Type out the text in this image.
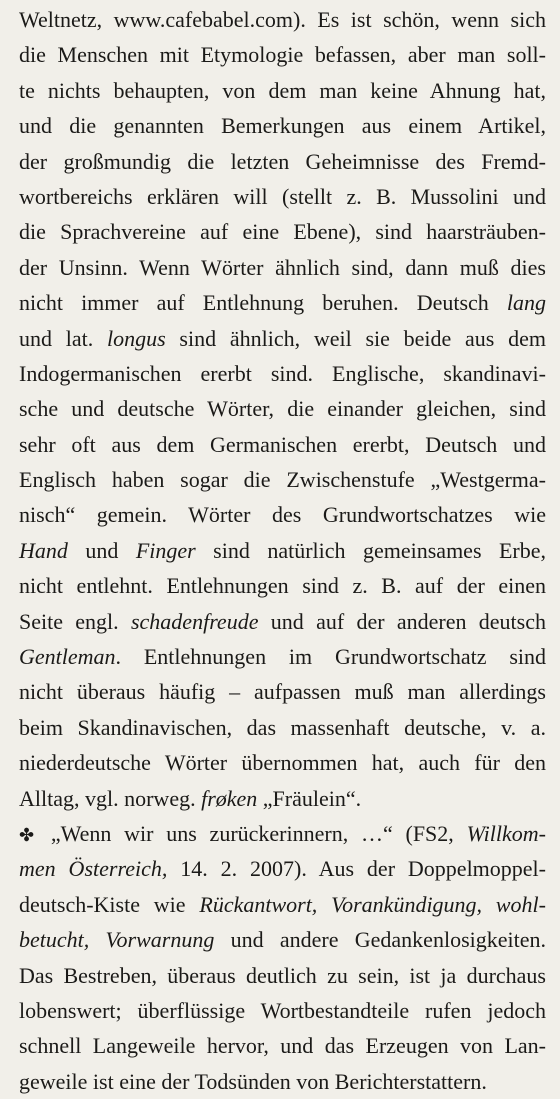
Weltnetz, www.cafebabel.com). Es ist schön, wenn sich
die Menschen mit Etymologie befassen, aber man soll-
te nichts behaupten, von dem man keine Ahnung hat,
und die genannten Bemerkungen aus einem Artikel,
der großmundig die letzten Geheimnisse des Fremd-
wortbereichs erklären will (stellt z. B. Mussolini und
die Sprachvereine auf eine Ebene), sind haarsträuben-
der Unsinn. Wenn Wörter ähnlich sind, dann muß dies
nicht immer auf Entlehnung beruhen. Deutsch lang
und lat. longus sind ähnlich, weil sie beide aus dem
Indogermanischen ererbt sind. Englische, skandinavi-
sche und deutsche Wörter, die einander gleichen, sind
sehr oft aus dem Germanischen ererbt, Deutsch und
Englisch haben sogar die Zwischenstufe „Westgerma-
nisch“ gemein. Wörter des Grundwortschatzes wie
Hand und Finger sind natürlich gemeinsames Erbe,
nicht entlehnt. Entlehnungen sind z. B. auf der einen
Seite engl. schadenfreude und auf der anderen deutsch
Gentleman. Entlehnungen im Grundwortschatz sind
nicht überaus häufig – aufpassen muß man allerdings
beim Skandinavischen, das massenhaft deutsche, v. a.
niederdeutsche Wörter übernommen hat, auch für den
Alltag, vgl. norweg. frøken „Fräulein“.
✤ „Wenn wir uns zurückerinnern, …“ (FS2, Willkom-
men Österreich, 14. 2. 2007). Aus der Doppelmoppel-
deutsch-Kiste wie Rückantwort, Vorankündigung, wohl-
betucht, Vorwarnung und andere Gedankenlosigkeiten.
Das Bestreben, überaus deutlich zu sein, ist ja durchaus
lobenswert; überflüssige Wortbestandteile rufen jedoch
schnell Langeweile hervor, und das Erzeugen von Lan-
geweile ist eine der Todsünden von Berichterstattern.
